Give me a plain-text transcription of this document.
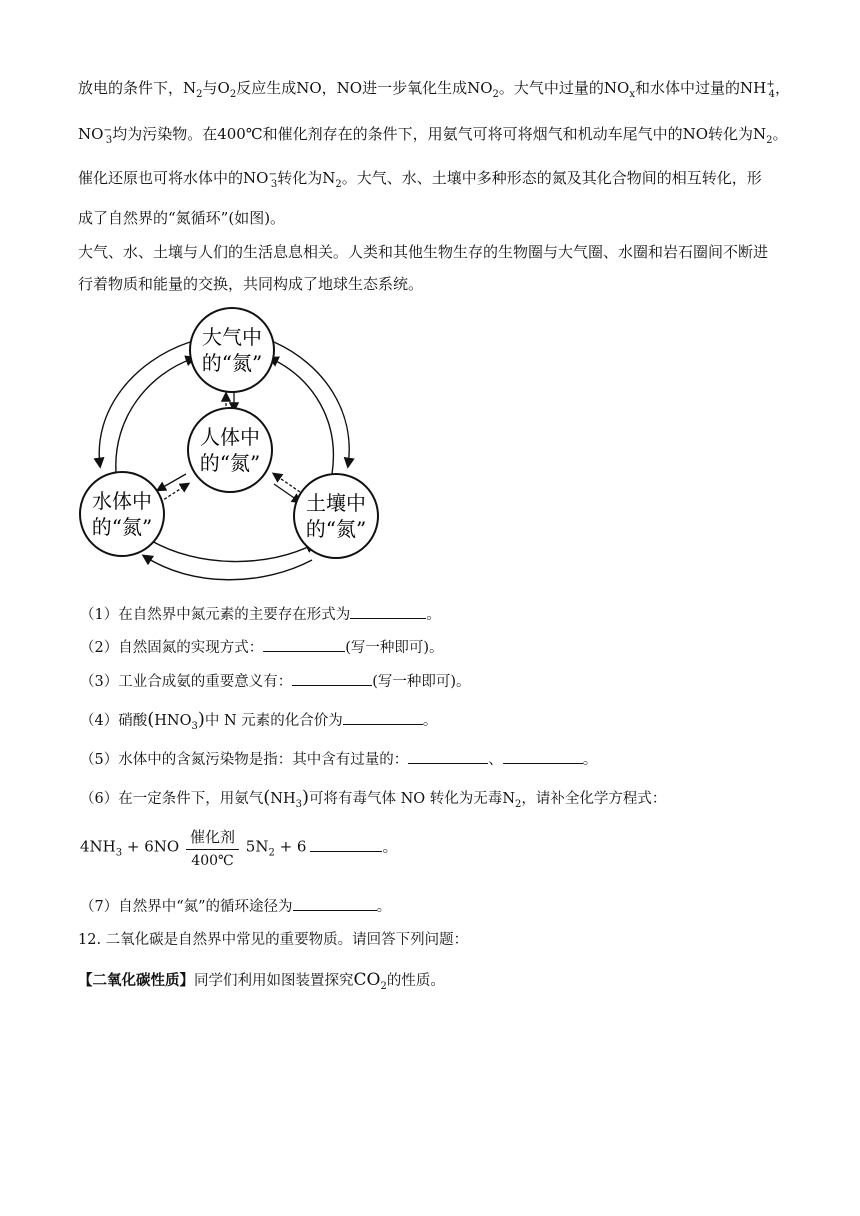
放电的条件下，$N_2$与$O_2$反应生成NO，NO进一步氧化生成$NO_2$。大气中过量的$NO_x$和水体中过量的$NH^+_4$，
$NO^-_3$均为污染物。在400℃和催化剂存在的条件下，用氨气可将可将烟气和机动车尾气中的NO转化为$N_2$。
催化还原也可将水体中的$NO^-_3$转化为$N_2$。大气、水、土壤中多种形态的氮及其化合物间的相互转化，形
成了自然界的“氮循环”(如图)。
大气、水、土壤与人们的生活息息相关。人类和其他生物生存的生物圈与大气圈、水圈和岩石圈间不断进
行着物质和能量的交换，共同构成了地球生态系统。
大气中
的“氮”
人体中
的“氮”
水体中
的“氮”
土壤中
的“氮”
（1）在自然界中氮元素的主要存在形式为	。
（2）自然固氮的实现方式：	(写一种即可)。
（3）工业合成氨的重要意义有：	(写一种即可)。
（4）硝酸$(HNO_3)$中 N 元素的化合价为	。
（5）水体中的含氮污染物是指：其中含有过量的：	、	。
（6）在一定条件下，用氨气$(NH_3)$可将有毒气体 NO 转化为无毒$N_2$，请补全化学方程式：
$4NH_3 + 6NO \frac{\text{催化剂}}{400℃} 5N_2 + 6$	。
（7）自然界中“氮”的循环途径为	。
12. 二氧化碳是自然界中常见的重要物质。请回答下列问题：
【二氧化碳性质】同学们利用如图装置探究$CO_2$的性质。
